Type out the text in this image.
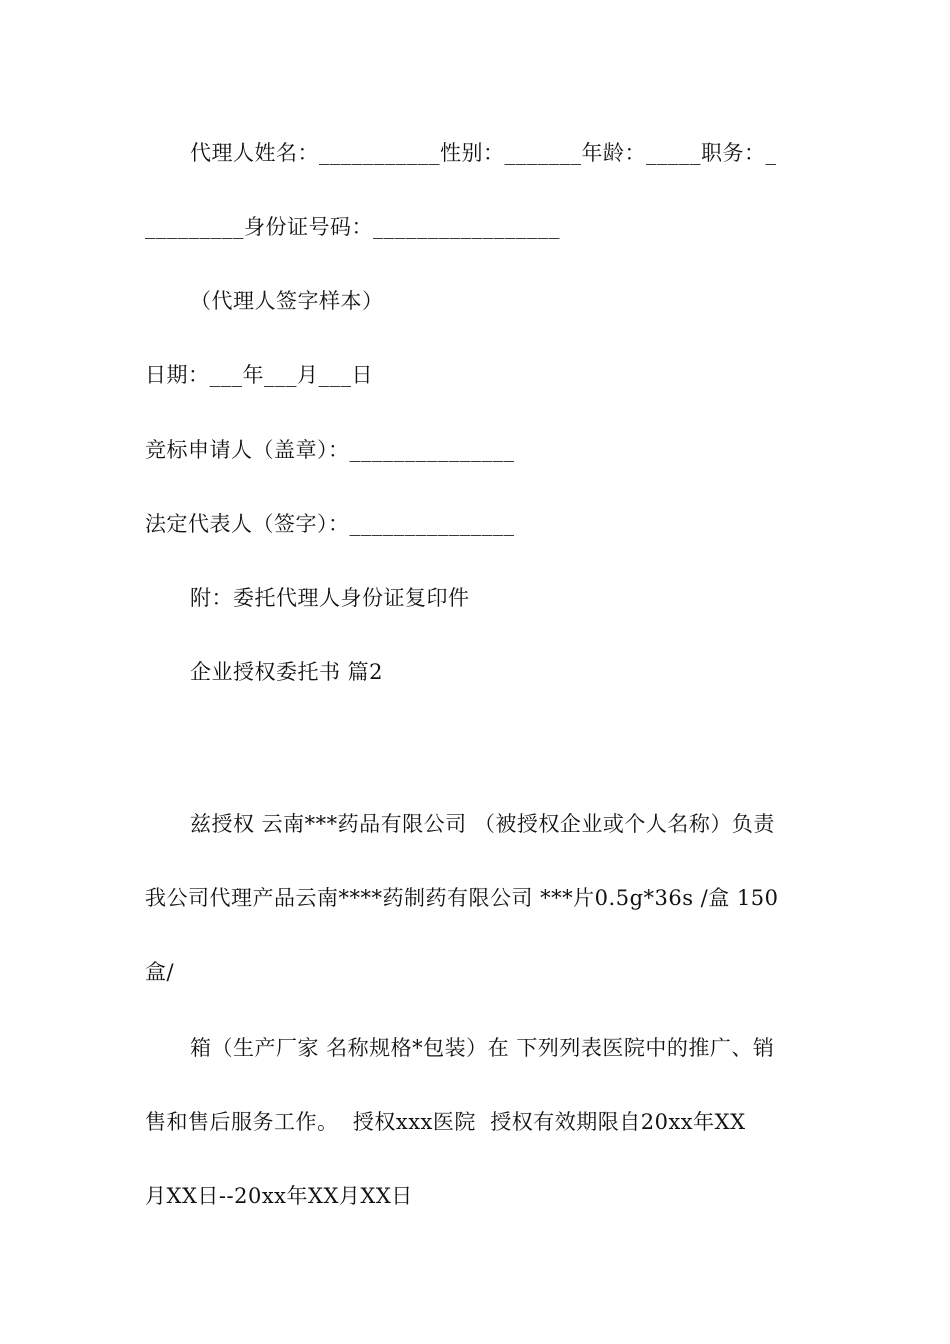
代理人姓名：___________性别：_______年龄：_____职务：_
_________身份证号码：_________________
（代理人签字样本）
日期：___年___月___日
竞标申请人（盖章）：_______________
法定代表人（签字）：_______________
附：委托代理人身份证复印件
企业授权委托书 篇2
兹授权 云南***药品有限公司 （被授权企业或个人名称）负责
我公司代理产品云南****药制药有限公司 ***片0.5g*36s /盒 150
盒/
箱（生产厂家 名称规格*包装）在 下列列表医院中的推广、销
售和售后服务工作。  授权xxx医院  授权有效期限自20xx年XX
月XX日--20xx年XX月XX日
